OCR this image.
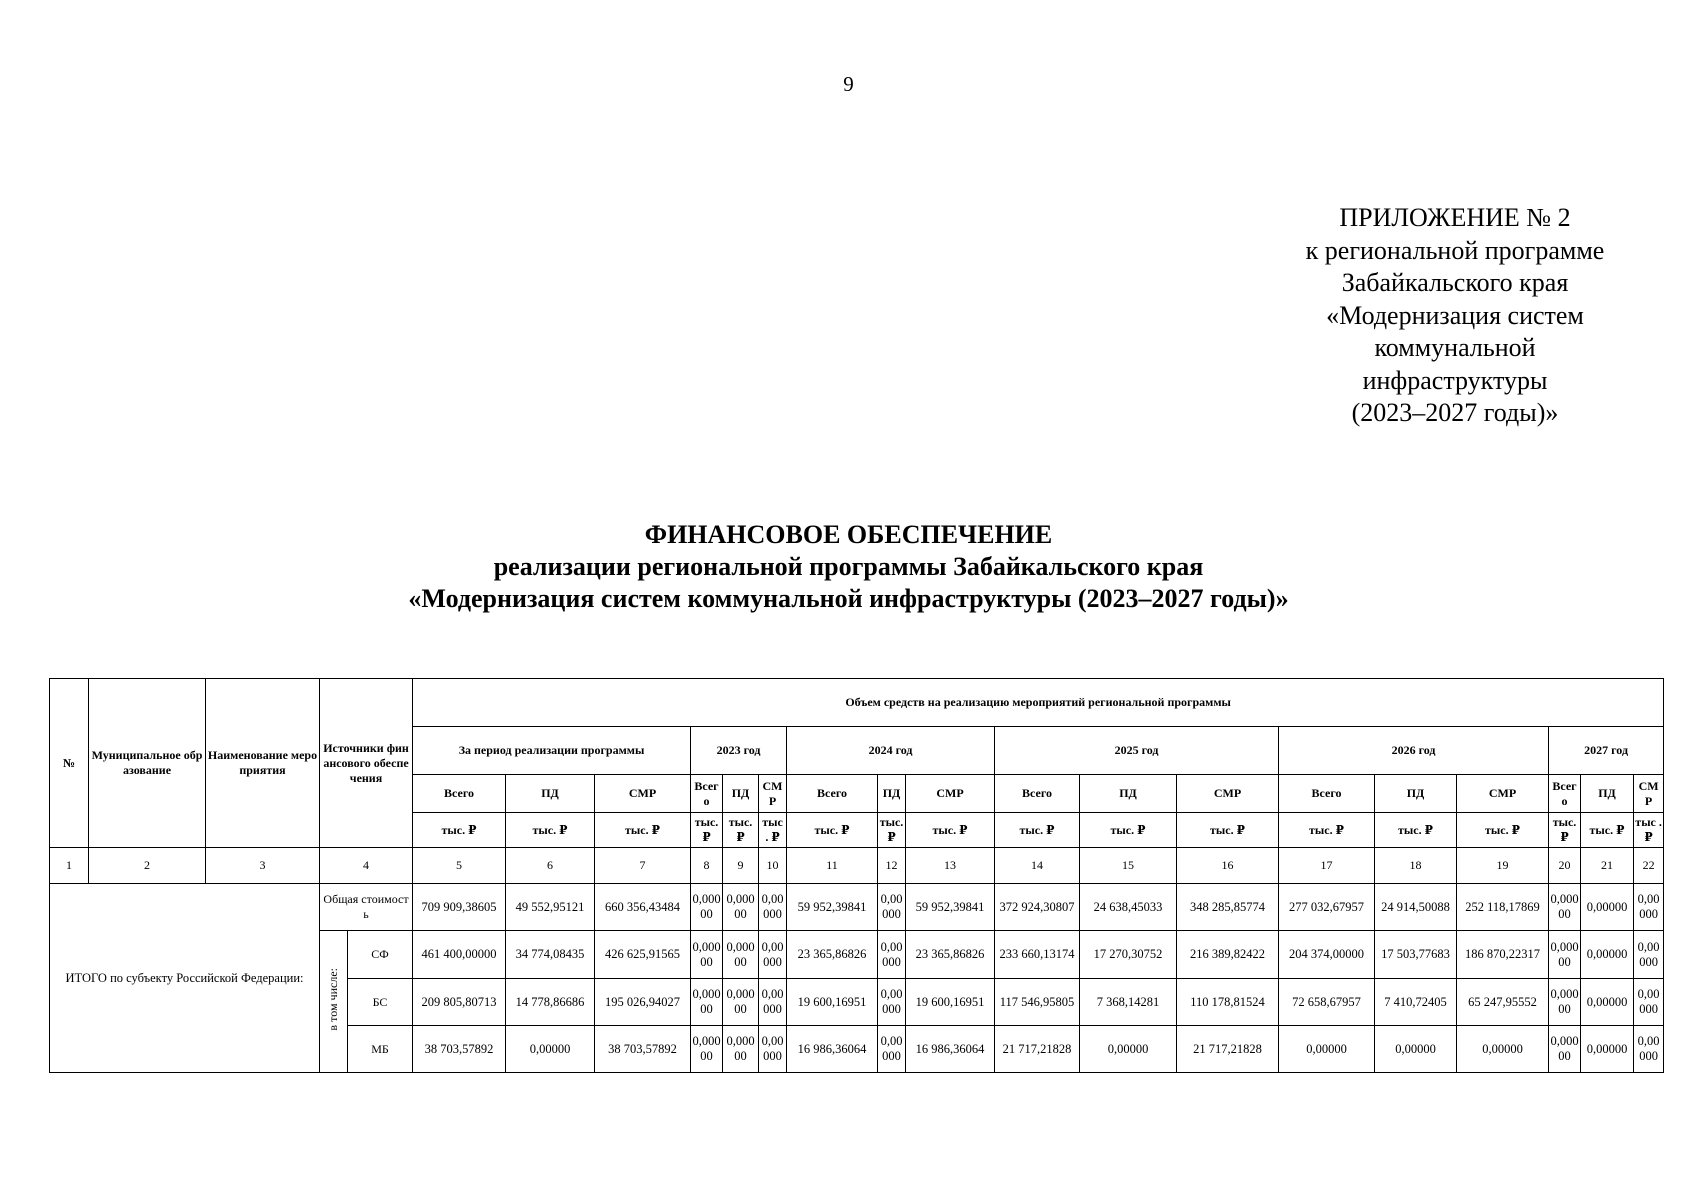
9
ПРИЛОЖЕНИЕ № 2
к региональной программе
Забайкальского края
«Модернизация систем
коммунальной
инфраструктуры
(2023–2027 годы)»
ФИНАНСОВОЕ ОБЕСПЕЧЕНИЕ
реализации региональной программы Забайкальского края
«Модернизация систем коммунальной инфраструктуры (2023–2027 годы)»
№	Муниципальное образование	Наименование мероприятия	Источники финансового обеспечения		Объем средств на реализацию мероприятий региональной программы																	
					За период реализации программы			2023 год			2024 год			2025 год			2026 год			2027 год		
					Всего	ПД	СМР	Всег о	ПД	СМ Р	Всего	ПД	СМР	Всего	ПД	СМР	Всего	ПД	СМР	Всег о	ПД	СМ Р
					тыс. ₽	тыс. ₽	тыс. ₽	тыс. ₽	тыс. ₽	тыс . ₽	тыс. ₽	тыс. ₽	тыс. ₽	тыс. ₽	тыс. ₽	тыс. ₽	тыс. ₽	тыс. ₽	тыс. ₽	тыс. ₽	тыс. ₽	тыс . ₽
1	2	3	4		5	6	7	8	9	10	11	12	13	14	15	16	17	18	19	20	21	22
ИТОГО по субъекту Российской Федерации:			Общая стоимость		709 909,38605	49 552,95121	660 356,43484	0,00000	0,00000	0,00000	59 952,39841	0,00000	59 952,39841	372 924,30807	24 638,45033	348 285,85774	277 032,67957	24 914,50088	252 118,17869	0,00000	0,00000	0,00000
			в том числе:	СФ	461 400,00000	34 774,08435	426 625,91565	0,00000	0,00000	0,00000	23 365,86826	0,00000	23 365,86826	233 660,13174	17 270,30752	216 389,82422	204 374,00000	17 503,77683	186 870,22317	0,00000	0,00000	0,00000
				БС	209 805,80713	14 778,86686	195 026,94027	0,00000	0,00000	0,00000	19 600,16951	0,00000	19 600,16951	117 546,95805	7 368,14281	110 178,81524	72 658,67957	7 410,72405	65 247,95552	0,00000	0,00000	0,00000
				МБ	38 703,57892	0,00000	38 703,57892	0,00000	0,00000	0,00000	16 986,36064	0,00000	16 986,36064	21 717,21828	0,00000	21 717,21828	0,00000	0,00000	0,00000	0,00000	0,00000	0,00000
